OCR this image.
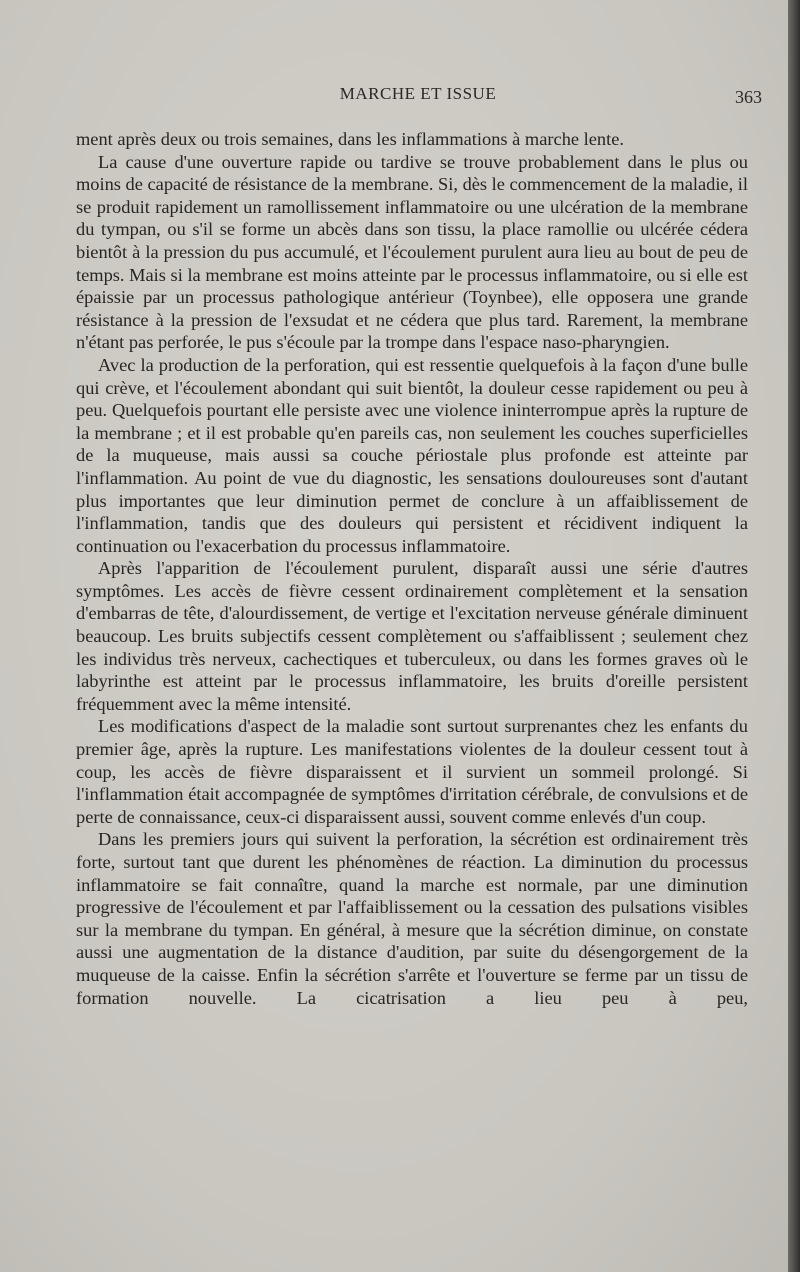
MARCHE ET ISSUE	363

ment après deux ou trois semaines, dans les inflammations à marche lente.

La cause d'une ouverture rapide ou tardive se trouve probablement dans le plus ou moins de capacité de résistance de la membrane. Si, dès le commencement de la maladie, il se produit rapidement un ramollissement inflammatoire ou une ulcération de la membrane du tympan, ou s'il se forme un abcès dans son tissu, la place ramollie ou ulcérée cédera bientôt à la pression du pus accumulé, et l'écoulement purulent aura lieu au bout de peu de temps. Mais si la membrane est moins atteinte par le processus inflammatoire, ou si elle est épaissie par un processus pathologique antérieur (Toynbee), elle opposera une grande résistance à la pression de l'exsudat et ne cédera que plus tard. Rarement, la membrane n'étant pas perforée, le pus s'écoule par la trompe dans l'espace naso-pharyngien.

Avec la production de la perforation, qui est ressentie quelquefois à la façon d'une bulle qui crève, et l'écoulement abondant qui suit bientôt, la douleur cesse rapidement ou peu à peu. Quelquefois pourtant elle persiste avec une violence ininterrompue après la rupture de la membrane ; et il est probable qu'en pareils cas, non seulement les couches superficielles de la muqueuse, mais aussi sa couche périostale plus profonde est atteinte par l'inflammation. Au point de vue du diagnostic, les sensations douloureuses sont d'autant plus importantes que leur diminution permet de conclure à un affaiblissement de l'inflammation, tandis que des douleurs qui persistent et récidivent indiquent la continuation ou l'exacerbation du processus inflammatoire.

Après l'apparition de l'écoulement purulent, disparaît aussi une série d'autres symptômes. Les accès de fièvre cessent ordinairement complètement et la sensation d'embarras de tête, d'alourdissement, de vertige et l'excitation nerveuse générale diminuent beaucoup. Les bruits subjectifs cessent complètement ou s'affaiblissent ; seulement chez les individus très nerveux, cachectiques et tuberculeux, ou dans les formes graves où le labyrinthe est atteint par le processus inflammatoire, les bruits d'oreille persistent fréquemment avec la même intensité.

Les modifications d'aspect de la maladie sont surtout surprenantes chez les enfants du premier âge, après la rupture. Les manifestations violentes de la douleur cessent tout à coup, les accès de fièvre disparaissent et il survient un sommeil prolongé. Si l'inflammation était accompagnée de symptômes d'irritation cérébrale, de convulsions et de perte de connaissance, ceux-ci disparaissent aussi, souvent comme enlevés d'un coup.

Dans les premiers jours qui suivent la perforation, la sécrétion est ordinairement très forte, surtout tant que durent les phénomènes de réaction. La diminution du processus inflammatoire se fait connaître, quand la marche est normale, par une diminution progressive de l'écoulement et par l'affaiblissement ou la cessation des pulsations visibles sur la membrane du tympan. En général, à mesure que la sécrétion diminue, on constate aussi une augmentation de la distance d'audition, par suite du désengorgement de la muqueuse de la caisse. Enfin la sécrétion s'arrête et l'ouverture se ferme par un tissu de formation nouvelle. La cicatrisation a lieu peu à peu,
